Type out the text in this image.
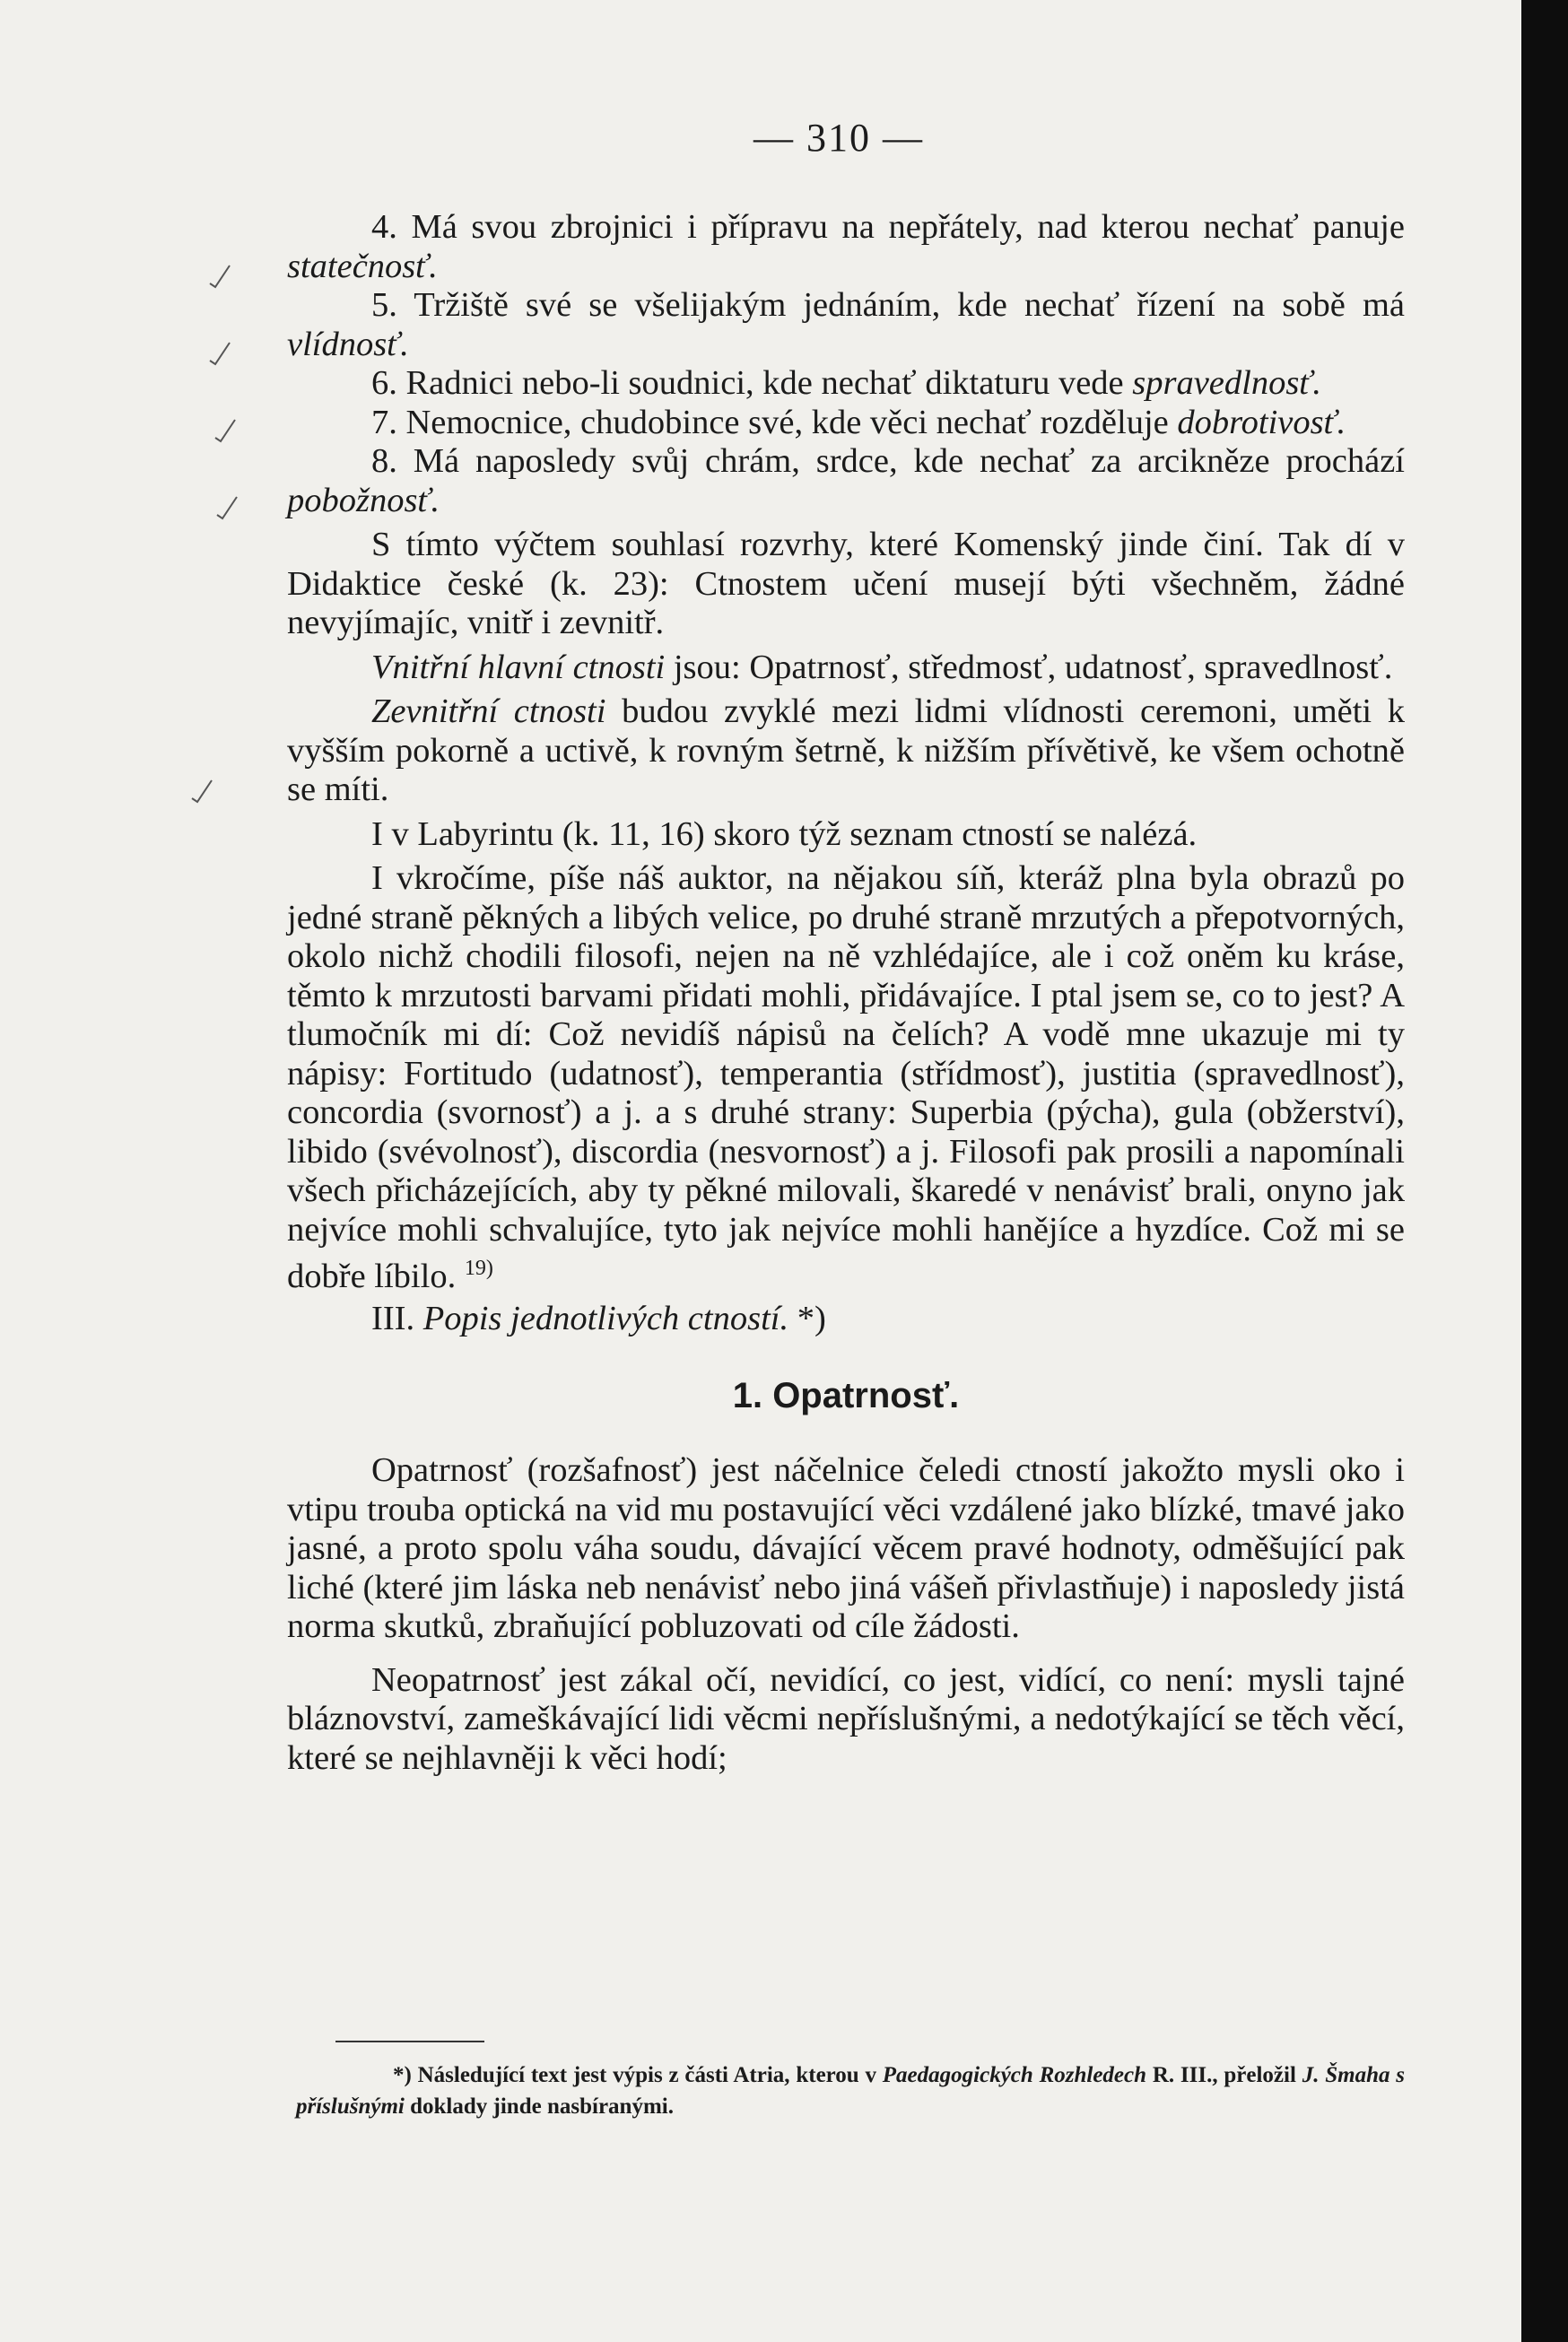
— 310 —

4. Má svou zbrojnici i přípravu na nepřátely, nad kterou nechať panuje statečnosť.

5. Tržiště své se všelijakým jednáním, kde nechať řízení na sobě má vlídnosť.

6. Radnici nebo-li soudnici, kde nechať diktaturu vede spravedlnosť.

7. Nemocnice, chudobince své, kde věci nechať rozděluje dobrotivosť.

8. Má naposledy svůj chrám, srdce, kde nechať za arcikněze prochází pobožnosť.

S tímto výčtem souhlasí rozvrhy, které Komenský jinde činí. Tak dí v Didaktice české (k. 23): Ctnostem učení musejí býti všechněm, žádné nevyjímajíc, vnitř i zevnitř.

Vnitřní hlavní ctnosti jsou: Opatrnosť, středmosť, udatnosť, spravedlnosť.

Zevnitřní ctnosti budou zvyklé mezi lidmi vlídnosti ceremoni, uměti k vyšším pokorně a uctivě, k rovným šetrně, k nižším přívětivě, ke všem ochotně se míti.

I v Labyrintu (k. 11, 16) skoro týž seznam ctností se nalézá.

I vkročíme, píše náš auktor, na nějakou síň, kteráž plna byla obrazů po jedné straně pěkných a libých velice, po druhé straně mrzutých a přepotvorných, okolo nichž chodili filosofi, nejen na ně vzhlédajíce, ale i což oněm ku kráse, těmto k mrzutosti barvami přidati mohli, přidávajíce. I ptal jsem se, co to jest? A tlumočník mi dí: Což nevidíš nápisů na čelích? A vodě mne ukazuje mi ty nápisy: Fortitudo (udatnosť), temperantia (střídmosť), justitia (spravedlnosť), concordia (svornosť) a j. a s druhé strany: Superbia (pýcha), gula (obžerství), libido (svévolnosť), discordia (nesvornosť) a j. Filosofi pak prosili a napomínali všech přicházejících, aby ty pěkné milovali, škaredé v nenávisť brali, onyno jak nejvíce mohli schvalujíce, tyto jak nejvíce mohli hanějíce a hyzdíce. Což mi se dobře líbilo. $^{19)}$

III. Popis jednotlivých ctností. *)

1. Opatrnosť.

Opatrnosť (rozšafnosť) jest náčelnice čeledi ctností jakožto mysli oko i vtipu trouba optická na vid mu postavující věci vzdálené jako blízké, tmavé jako jasné, a proto spolu váha soudu, dávající věcem pravé hodnoty, odměšující pak liché (které jim láska neb nenávisť nebo jiná vášeň přivlastňuje) i naposledy jistá norma skutků, zbraňující pobluzovati od cíle žádosti.

Neopatrnosť jest zákal očí, nevidící, co jest, vidící, co není: mysli tajné bláznovství, zameškávající lidi věcmi nepříslušnými, a nedotýkající se těch věcí, které se nejhlavněji k věci hodí;

*) Následující text jest výpis z části Atria, kterou v Paedagogických Rozhledech R. III., přeložil J. Šmaha s příslušnými doklady jinde nasbíranými.
